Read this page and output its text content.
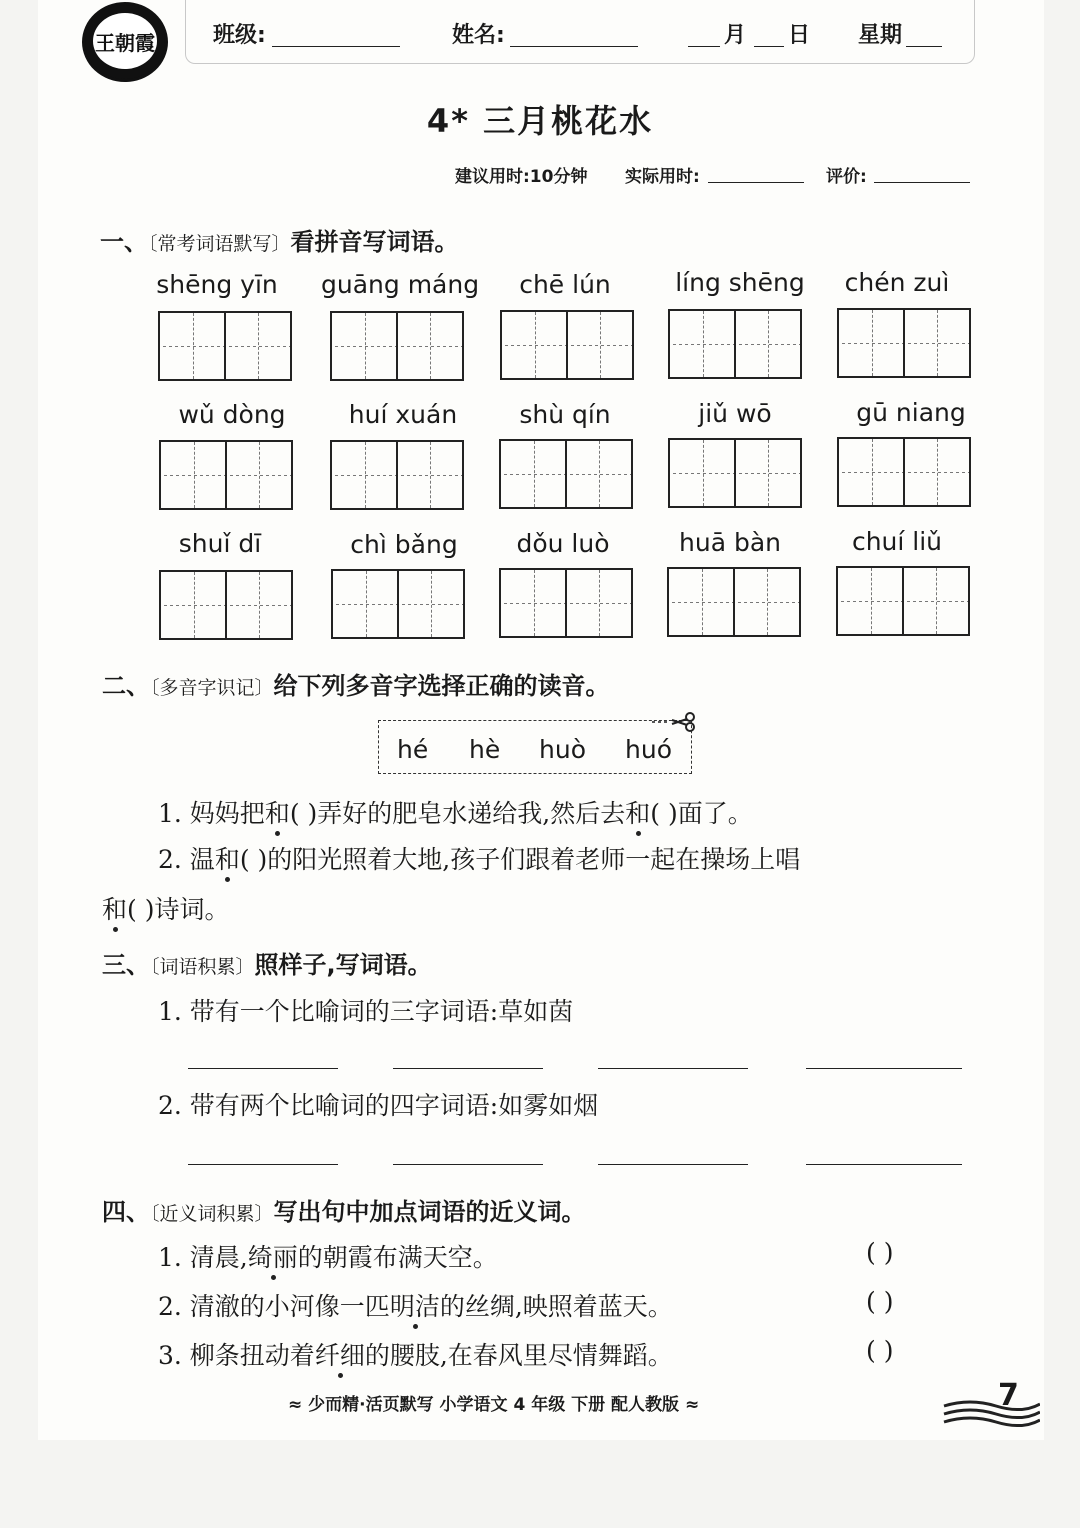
王朝霞	班级:	姓名:	月 日 星期
4* 三月桃花水
建议用时:10分钟 实际用时:	评价:
一、〔常考词语默写〕看拼音写词语。
shēng yīn	guāng máng	chē lún	líng shēng	chén zuì
wǔ dòng	huí xuán	shù qín	jiǔ wō	gū niang
shuǐ dī	chì bǎng	dǒu luò	huā bàn	chuí liǔ
二、〔多音字识记〕给下列多音字选择正确的读音。
hé hè huò huó
1. 妈妈把和( )弄好的肥皂水递给我,然后去和( )面了。
2. 温和( )的阳光照着大地,孩子们跟着老师一起在操场上唱
和( )诗词。
三、〔词语积累〕照样子,写词语。
1. 带有一个比喻词的三字词语:草如茵
2. 带有两个比喻词的四字词语:如雾如烟
四、〔近义词积累〕写出句中加点词语的近义词。
1. 清晨,绮丽的朝霞布满天空。	( )
2. 清澈的小河像一匹明洁的丝绸,映照着蓝天。	( )
3. 柳条扭动着纤细的腰肢,在春风里尽情舞蹈。	( )
≈ 少而精·活页默写 小学语文 4 年级 下册 配人教版 ≈	7
